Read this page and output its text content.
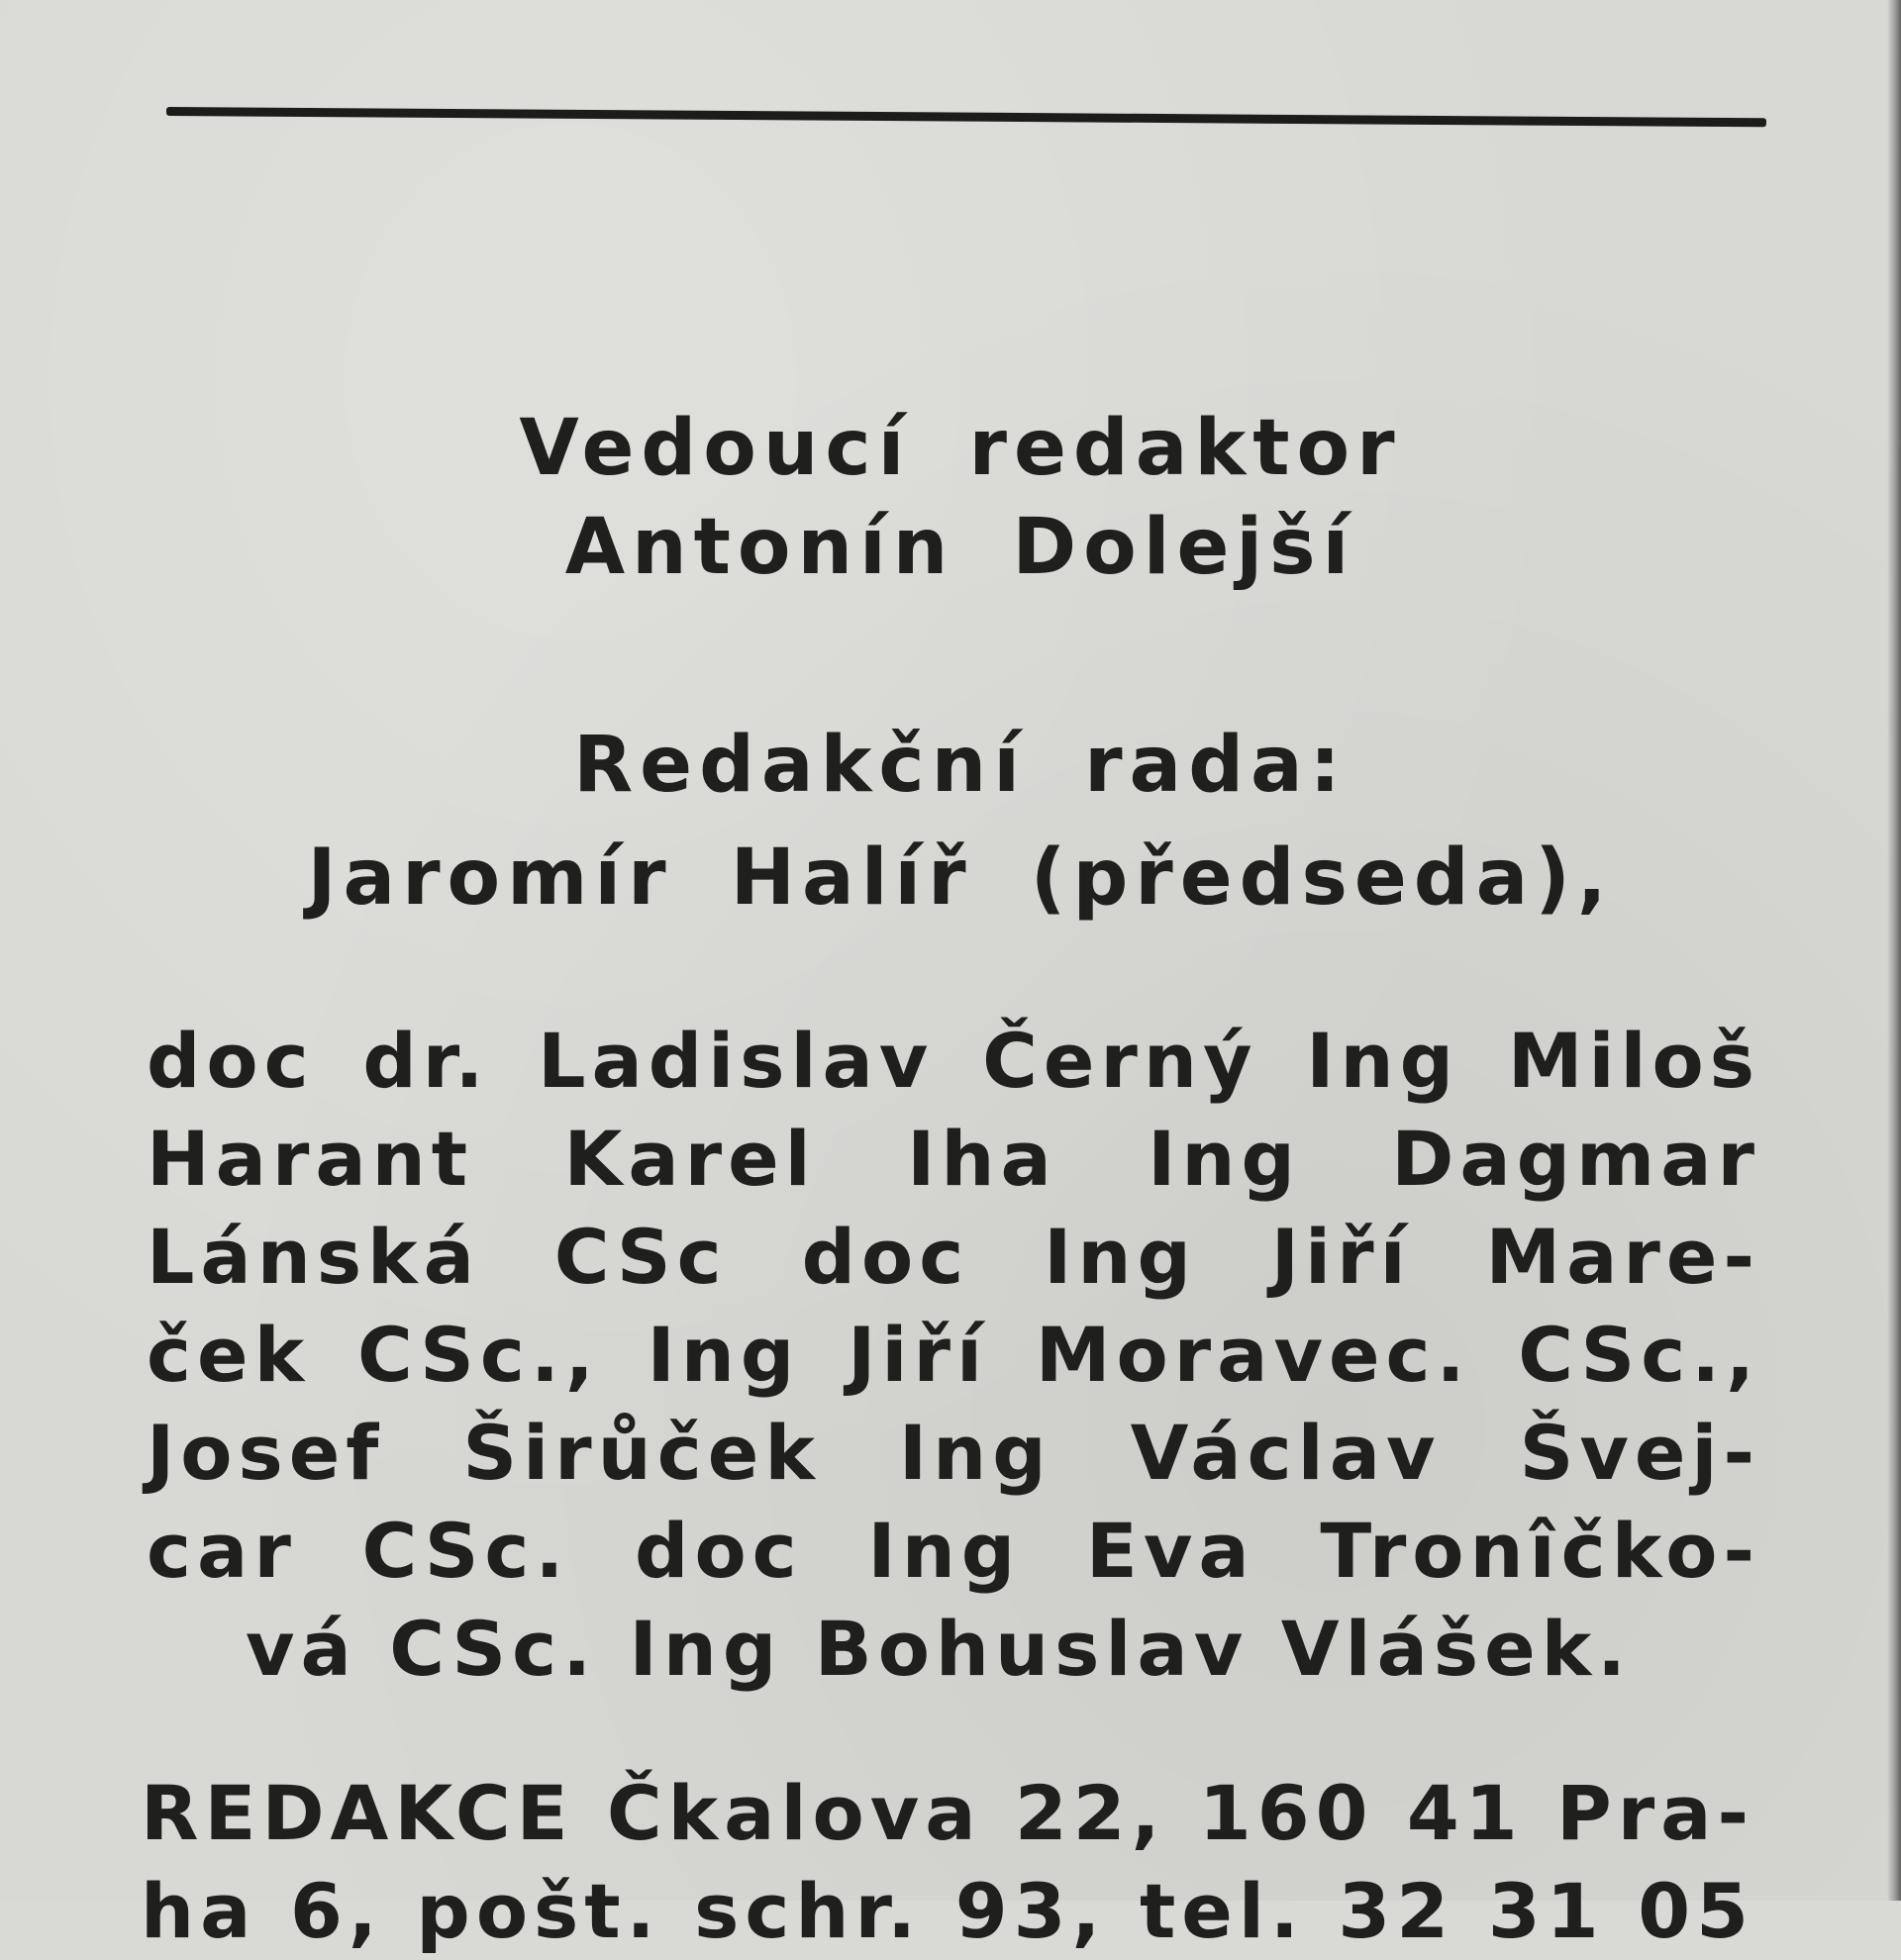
Vedoucí redaktor
Antonín Dolejší
Redakční rada:
Jaromír Halíř (předseda),
doc dr. Ladislav Černý Ing Miloš
Harant Karel Iha Ing Dagmar
Lánská CSc doc Ing Jiří Mare-
ček CSc., Ing Jiří Moravec. CSc.,
Josef Širůček Ing Václav Švej-
car CSc. doc Ing Eva Tronîčko-
vá CSc. Ing Bohuslav Vlášek.
REDAKCE Čkalova 22, 160 41 Pra-
ha 6, pošt. schr. 93, tel. 32 31 05
